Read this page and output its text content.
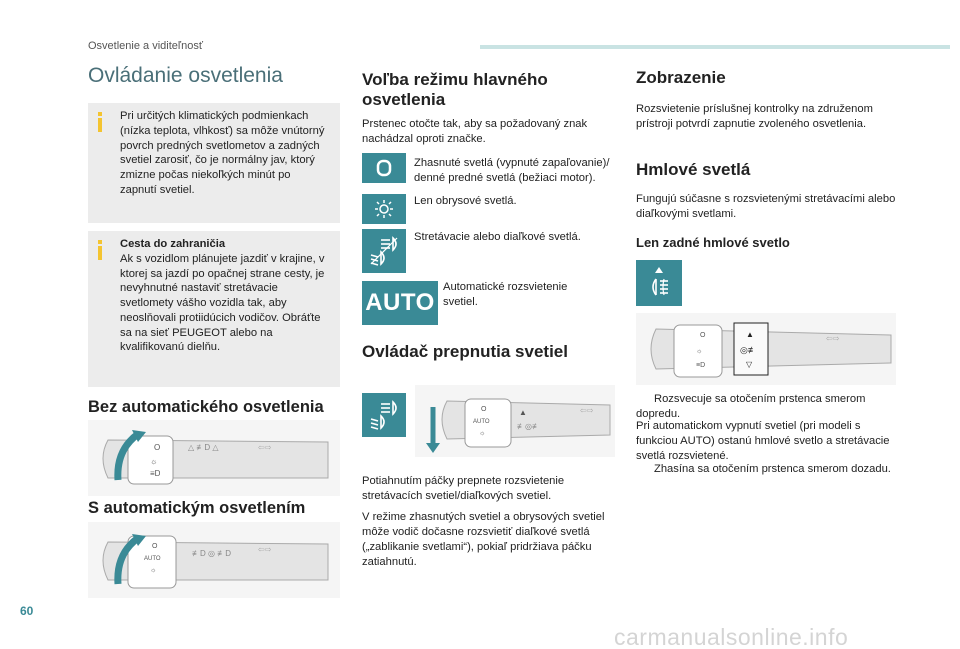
Osvetlenie a viditeľnosť
Ovládanie osvetlenia
Pri určitých klimatických podmienkach (nízka teplota, vlhkosť) sa môže vnútorný povrch predných svetlometov a zadných svetiel zarosiť, čo je normálny jav, ktorý zmizne počas niekoľkých minút po zapnutí svetiel.
Cesta do zahraničia
Ak s vozidlom plánujete jazdiť v krajine, v ktorej sa jazdí po opačnej strane cesty, je nevyhnutné nastaviť stretávacie svetlomety vášho vozidla tak, aby neoslňovali protiidúcich vodičov. Obráťte sa na sieť PEUGEOT alebo na kvalifikovanú dielňu.
Bez automatického osvetlenia
O
☼
≡D
△ ≢D △	⇦⇨
S automatickým osvetlením
O
AUTO
☼
≢D ◎ ≢D	⇦⇨
Voľba režimu hlavného osvetlenia
Prstenec otočte tak, aby sa požadovaný znak nachádzal oproti značke.
Zhasnuté svetlá (vypnuté zapaľovanie)/ denné predné svetlá (bežiaci motor).
Len obrysové svetlá.
Stretávacie alebo diaľkové svetlá.
AUTO
Automatické rozsvietenie svetiel.
Ovládač prepnutia svetiel
O
AUTO
☼
▲
≢◎≢
⇦⇨
Potiahnutím páčky prepnete rozsvietenie stretávacích svetiel/diaľkových svetiel.
V režime zhasnutých svetiel a obrysových svetiel môže vodič dočasne rozsvietiť diaľkové svetlá („zablikanie svetlami“), pokiaľ pridržiava páčku zatiahnutú.
Zobrazenie
Rozsvietenie príslušnej kontrolky na združenom prístroji potvrdí zapnutie zvoleného osvetlenia.
Hmlové svetlá
Fungujú súčasne s rozsvietenými stretávacími alebo diaľkovými svetlami.
Len zadné hmlové svetlo
O
☼
≡D
▲
◎≢
▽
⇦⇨
Rozsvecuje sa otočením prstenca smerom dopredu.
Pri automatickom vypnutí svetiel (pri modeli s funkciou AUTO) ostanú hmlové svetlo a stretávacie svetlá rozsvietené.
Zhasína sa otočením prstenca smerom dozadu.
60
carmanualsonline.info
